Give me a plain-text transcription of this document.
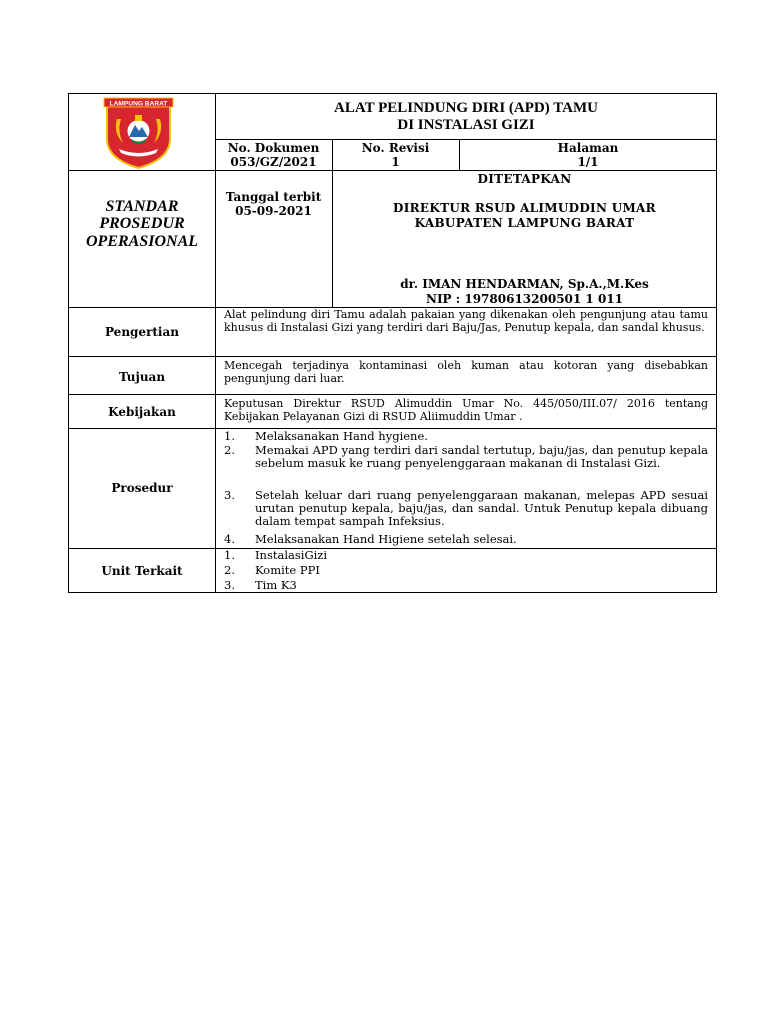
LAMPUNG BARAT	ALAT PELINDUNG DIRI (APD) TAMU
DI INSTALASI GIZI
No. Dokumen
053/GZ/2021
No. Revisi
1
Halaman
1/1
STANDAR
PROSEDUR
OPERASIONAL
Tanggal terbit
05-09-2021
DITETAPKAN
DIREKTUR RSUD ALIMUDDIN UMAR
KABUPATEN LAMPUNG BARAT
dr. IMAN HENDARMAN, Sp.A.,M.Kes
NIP : 19780613200501 1 011
Pengertian
Alat pelindung diri Tamu adalah pakaian yang dikenakan oleh pengunjung atau tamu khusus di Instalasi Gizi yang terdiri dari Baju/Jas, Penutup kepala, dan sandal khusus.
Tujuan
Mencegah terjadinya kontaminasi oleh kuman atau kotoran yang disebabkan pengunjung dari luar.
Kebijakan
Keputusan Direktur RSUD Alimuddin Umar No. 445/050/III.07/ 2016 tentang Kebijakan Pelayanan Gizi di RSUD Aliimuddin Umar .
Prosedur
1. Melaksanakan Hand hygiene.
2. Memakai APD yang terdiri dari sandal tertutup, baju/jas, dan penutup kepala sebelum masuk ke ruang penyelenggaraan makanan di Instalasi Gizi.
3. Setelah keluar dari ruang penyelenggaraan makanan, melepas APD sesuai urutan penutup kepala, baju/jas, dan sandal. Untuk Penutup kepala dibuang dalam tempat sampah Infeksius.
4. Melaksanakan Hand Higiene setelah selesai.
Unit Terkait
1. InstalasiGizi
2. Komite PPI
3. Tim K3
